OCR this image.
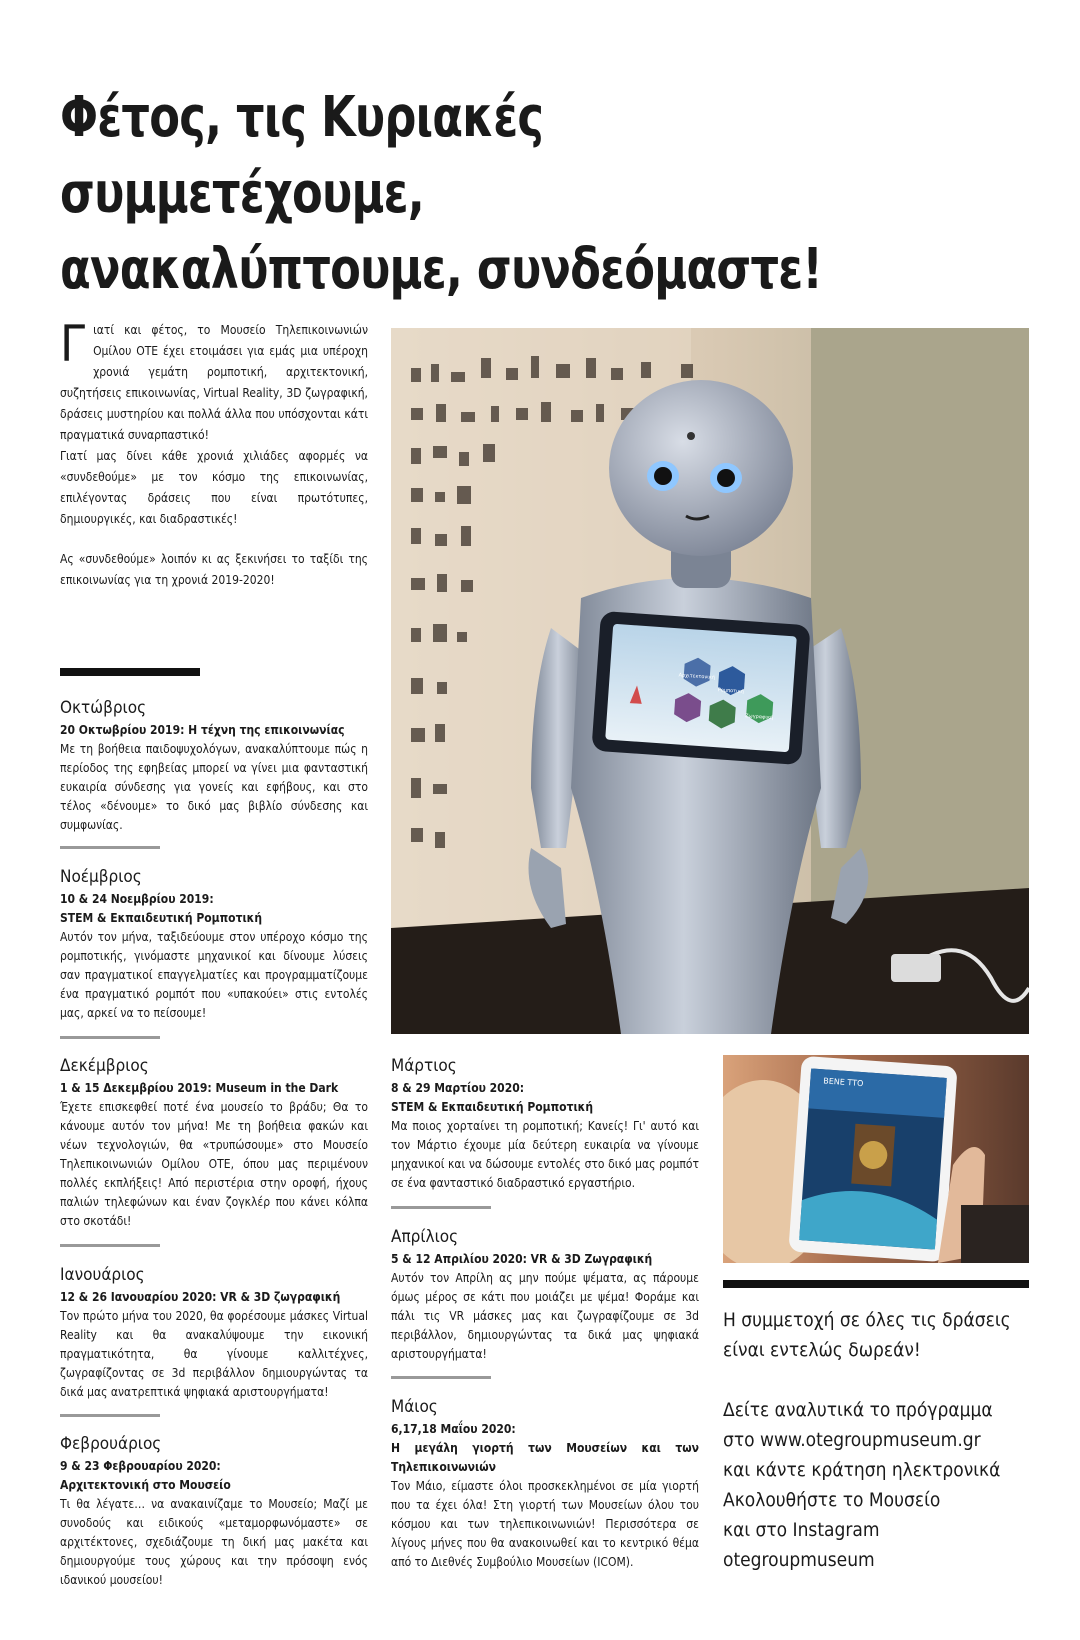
Φέτος, τις Κυριακές συμμετέχουμε,
ανακαλύπτουμε, συνδεόμαστε!

Γιατί και φέτος, το Μουσείο Τηλεπικοινωνιών Ομίλου ΟΤΕ έχει ετοιμάσει για εμάς μια υπέροχη χρονιά γεμάτη ρομποτική, αρχιτεκτονική, συζητήσεις επικοινωνίας, Virtual Reality, 3D ζωγραφική, δράσεις μυστηρίου και πολλά άλλα που υπόσχονται κάτι πραγματικά συναρπαστικό!
Γιατί μας δίνει κάθε χρονιά χιλιάδες αφορμές να «συνδεθούμε» με τον κόσμο της επικοινωνίας, επιλέγοντας δράσεις που είναι πρωτότυπες, δημιουργικές, και διαδραστικές!

Ας «συνδεθούμε» λοιπόν κι ας ξεκινήσει το ταξίδι της επικοινωνίας για τη χρονιά 2019-2020!

Οκτώβριος
20 Οκτωβρίου 2019: Η τέχνη της επικοινωνίας
Με τη βοήθεια παιδοψυχολόγων, ανακαλύπτουμε πώς η περίοδος της εφηβείας μπορεί να γίνει μια φανταστική ευκαιρία σύνδεσης για γονείς και εφήβους, και στο τέλος «δένουμε» το δικό μας βιβλίο σύνδεσης και συμφωνίας.
Νοέμβριος
10 & 24 Νοεμβρίου 2019:
STEM & Εκπαιδευτική Ρομποτική
Αυτόν τον μήνα, ταξιδεύουμε στον υπέροχο κόσμο της ρομποτικής, γινόμαστε μηχανικοί και δίνουμε λύσεις σαν πραγματικοί επαγγελματίες και προγραμματίζουμε ένα πραγματικό ρομπότ που «υπακούει» στις εντολές μας, αρκεί να το πείσουμε!
Δεκέμβριος
1 & 15 Δεκεμβρίου 2019: Museum in the Dark
Έχετε επισκεφθεί ποτέ ένα μουσείο το βράδυ; Θα το κάνουμε αυτόν τον μήνα! Με τη βοήθεια φακών και νέων τεχνολογιών, θα «τρυπώσουμε» στο Μουσείο Τηλεπικοινωνιών Ομίλου ΟΤΕ, όπου μας περιμένουν πολλές εκπλήξεις! Από περιστέρια στην οροφή, ήχους παλιών τηλεφώνων και έναν ζογκλέρ που κάνει κόλπα στο σκοτάδι!
Ιανουάριος
12 & 26 Ιανουαρίου 2020: VR & 3D ζωγραφική
Τον πρώτο μήνα του 2020, θα φορέσουμε μάσκες Virtual Reality και θα ανακαλύψουμε την εικονική πραγματικότητα, θα γίνουμε καλλιτέχνες, ζωγραφίζοντας σε 3d περιβάλλον δημιουργώντας τα δικά μας ανατρεπτικά ψηφιακά αριστουργήματα!
Φεβρουάριος
9 & 23 Φεβρουαρίου 2020:
Αρχιτεκτονική στο Μουσείο
Τι θα λέγατε… να ανακαινίζαμε το Μουσείο; Μαζί με συνοδούς και ειδικούς «μεταμορφωνόμαστε» σε αρχιτέκτονες, σχεδιάζουμε τη δική μας μακέτα και δημιουργούμε τους χώρους και την πρόσοψη ενός ιδανικού μουσείου!
Ρομποτική
Ζωγραφική
Αρχιτεκτονική
Μάρτιος
8 & 29 Μαρτίου 2020:
STEM & Εκπαιδευτική Ρομποτική
Μα ποιος χορταίνει τη ρομποτική; Κανείς! Γι' αυτό και τον Μάρτιο έχουμε μία δεύτερη ευκαιρία να γίνουμε μηχανικοί και να δώσουμε εντολές στο δικό μας ρομπότ σε ένα φανταστικό διαδραστικό εργαστήριο.
Απρίλιος
5 & 12 Απριλίου 2020: VR & 3D Ζωγραφική
Αυτόν τον Απρίλη ας μην πούμε ψέματα, ας πάρουμε όμως μέρος σε κάτι που μοιάζει με ψέμα! Φοράμε και πάλι τις VR μάσκες μας και ζωγραφίζουμε σε 3d περιβάλλον, δημιουργώντας τα δικά μας ψηφιακά αριστουργήματα!
Μάιος
6,17,18 Μαΐου 2020:
Η μεγάλη γιορτή των Μουσείων και των Τηλεπικοινωνιών
Τον Μάιο, είμαστε όλοι προσκεκλημένοι σε μία γιορτή που τα έχει όλα! Στη γιορτή των Μουσείων όλου του κόσμου και των τηλεπικοινωνιών! Περισσότερα σε λίγους μήνες που θα ανακοινωθεί και το κεντρικό θέμα από το Διεθνές Συμβούλιο Μουσείων (ICOM).
BENE TTO

Η συμμετοχή σε όλες τις δράσεις είναι εντελώς δωρεάν!

Δείτε αναλυτικά το πρόγραμμα
στο www.otegroupmuseum.gr
και κάντε κράτηση ηλεκτρονικά
Ακολουθήστε το Μουσείο
και στο Instagram
otegroupmuseum
